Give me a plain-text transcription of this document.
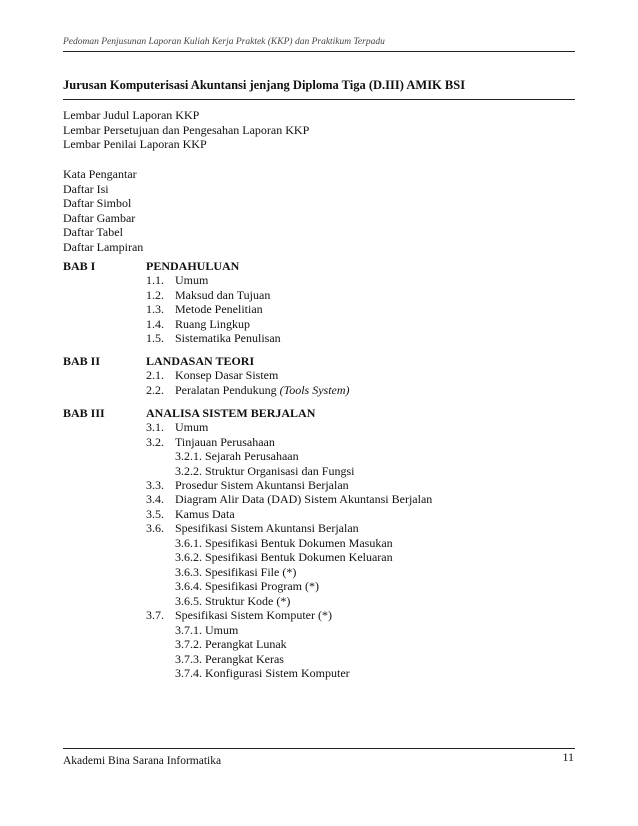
Pedoman Penjusunan Laporan Kuliah Kerja Praktek (KKP) dan Praktikum Terpadu
Jurusan Komputerisasi Akuntansi jenjang Diploma Tiga (D.III) AMIK BSI
Lembar Judul Laporan KKP
Lembar Persetujuan dan Pengesahan Laporan KKP
Lembar Penilai Laporan KKP
Kata Pengantar
Daftar Isi
Daftar Simbol
Daftar Gambar
Daftar Tabel
Daftar Lampiran
BAB I	PENDAHULUAN
1.1. Umum
1.2. Maksud dan Tujuan
1.3. Metode Penelitian
1.4. Ruang Lingkup
1.5. Sistematika Penulisan
BAB II	LANDASAN TEORI
2.1. Konsep Dasar Sistem
2.2. Peralatan Pendukung (Tools System)
BAB III	ANALISA SISTEM BERJALAN
3.1. Umum
3.2. Tinjauan Perusahaan
3.2.1. Sejarah Perusahaan
3.2.2. Struktur Organisasi dan Fungsi
3.3. Prosedur Sistem Akuntansi Berjalan
3.4. Diagram Alir Data (DAD) Sistem Akuntansi Berjalan
3.5. Kamus Data
3.6. Spesifikasi Sistem Akuntansi Berjalan
3.6.1. Spesifikasi Bentuk Dokumen Masukan
3.6.2. Spesifikasi Bentuk Dokumen Keluaran
3.6.3. Spesifikasi File (*)
3.6.4. Spesifikasi Program (*)
3.6.5. Struktur Kode (*)
3.7. Spesifikasi Sistem Komputer (*)
3.7.1. Umum
3.7.2. Perangkat Lunak
3.7.3. Perangkat Keras
3.7.4. Konfigurasi Sistem Komputer
Akademi Bina Sarana Informatika	11
